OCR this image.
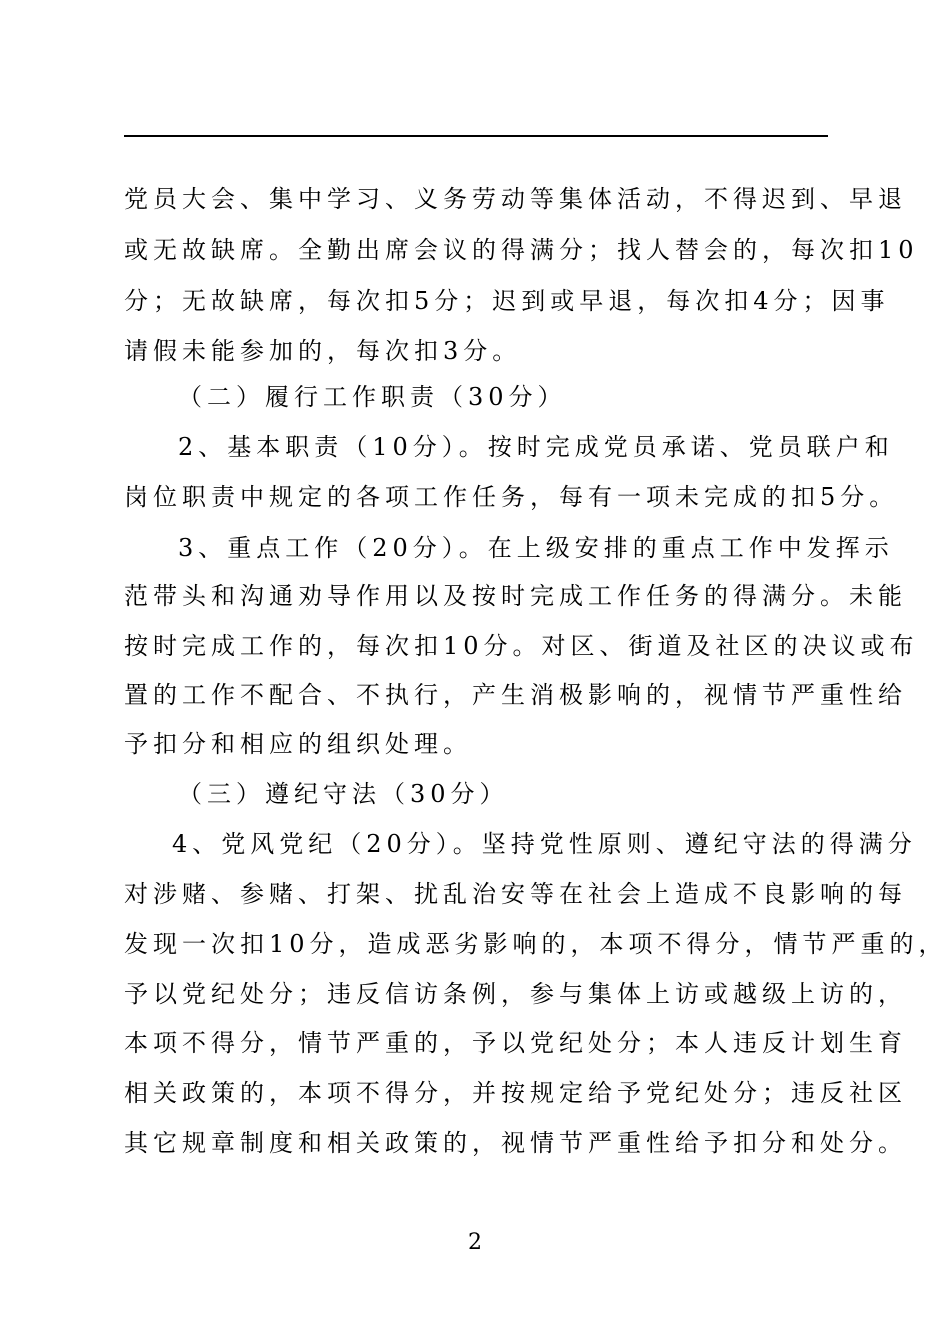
党员大会、集中学习、义务劳动等集体活动，不得迟到、早退
或无故缺席。全勤出席会议的得满分；找人替会的，每次扣10
分；无故缺席，每次扣5分；迟到或早退，每次扣4分；因事
请假未能参加的，每次扣3分。
（二）履行工作职责（30分）
2、基本职责（10分）。按时完成党员承诺、党员联户和
岗位职责中规定的各项工作任务，每有一项未完成的扣5分。
3、重点工作（20分）。在上级安排的重点工作中发挥示
范带头和沟通劝导作用以及按时完成工作任务的得满分。未能
按时完成工作的，每次扣10分。对区、街道及社区的决议或布
置的工作不配合、不执行，产生消极影响的，视情节严重性给
予扣分和相应的组织处理。
（三）遵纪守法（30分）
4、党风党纪（20分）。坚持党性原则、遵纪守法的得满分
对涉赌、参赌、打架、扰乱治安等在社会上造成不良影响的每
发现一次扣10分，造成恶劣影响的，本项不得分，情节严重的，
予以党纪处分；违反信访条例，参与集体上访或越级上访的，
本项不得分，情节严重的，予以党纪处分；本人违反计划生育
相关政策的，本项不得分，并按规定给予党纪处分；违反社区
其它规章制度和相关政策的，视情节严重性给予扣分和处分。
2
